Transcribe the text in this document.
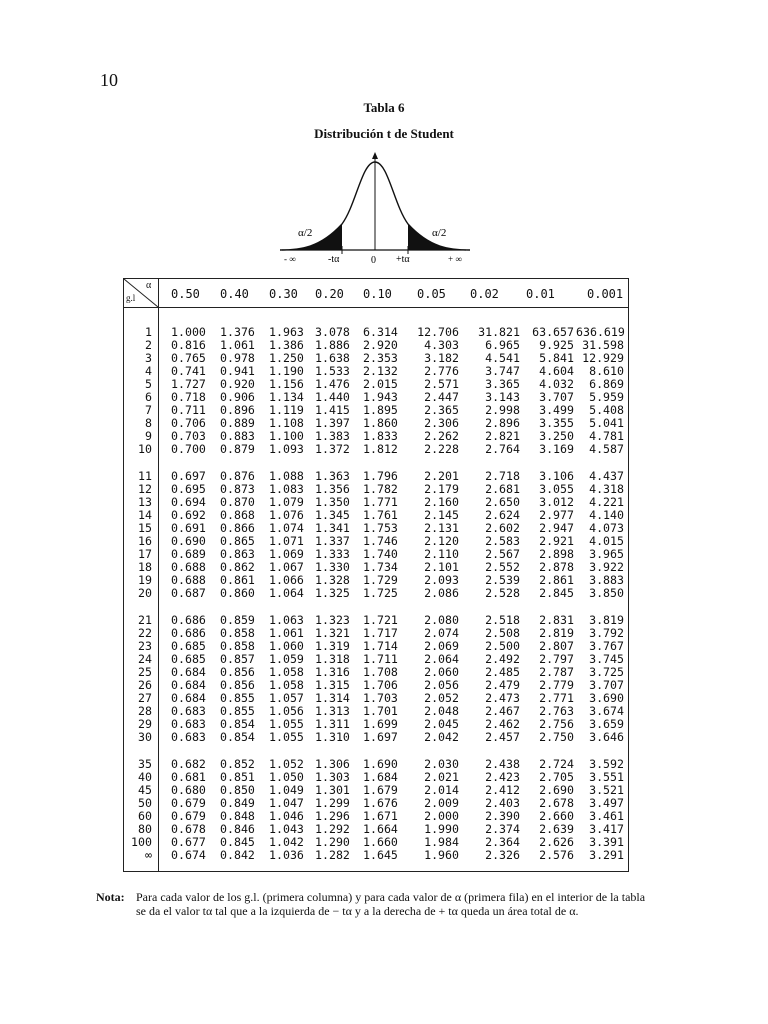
10
Tabla 6
Distribución t de Student
α/2	α/2
- ∞	-tα	0 +tα	+ ∞
α
g.l	0.50 0.40 0.30 0.20 0.10 0.05 0.02 0.01	0.001
1 1.000 1.376 1.963 3.078 6.314	12.706	31.821	63.657 636.619
2 0.816 1.061 1.386 1.886 2.920	4.303	6.965	9.925 31.598
3 0.765 0.978 1.250 1.638 2.353	3.182	4.541	5.841 12.929
4 0.741 0.941 1.190 1.533 2.132	2.776	3.747	4.604	8.610
5 1.727 0.920 1.156 1.476 2.015	2.571	3.365	4.032	6.869
6 0.718 0.906 1.134 1.440 1.943	2.447	3.143	3.707	5.959
7 0.711 0.896 1.119 1.415 1.895	2.365	2.998	3.499	5.408
8 0.706 0.889 1.108 1.397 1.860	2.306	2.896	3.355	5.041
9 0.703 0.883 1.100 1.383 1.833	2.262	2.821	3.250	4.781
10 0.700 0.879 1.093 1.372 1.812	2.228	2.764	3.169	4.587
11 0.697 0.876 1.088 1.363 1.796	2.201	2.718	3.106	4.437
12 0.695 0.873 1.083 1.356 1.782	2.179	2.681	3.055	4.318
13 0.694 0.870 1.079 1.350 1.771	2.160	2.650	3.012	4.221
14 0.692 0.868 1.076 1.345 1.761	2.145	2.624	2.977	4.140
15 0.691 0.866 1.074 1.341 1.753	2.131	2.602	2.947	4.073
16 0.690 0.865 1.071 1.337 1.746	2.120	2.583	2.921	4.015
17 0.689 0.863 1.069 1.333 1.740	2.110	2.567	2.898	3.965
18 0.688 0.862 1.067 1.330 1.734	2.101	2.552	2.878	3.922
19 0.688 0.861 1.066 1.328 1.729	2.093	2.539	2.861	3.883
20 0.687 0.860 1.064 1.325 1.725	2.086	2.528	2.845	3.850
21 0.686 0.859 1.063 1.323 1.721	2.080	2.518	2.831	3.819
22 0.686 0.858 1.061 1.321 1.717	2.074	2.508	2.819	3.792
23 0.685 0.858 1.060 1.319 1.714	2.069	2.500	2.807	3.767
24 0.685 0.857 1.059 1.318 1.711	2.064	2.492	2.797	3.745
25 0.684 0.856 1.058 1.316 1.708	2.060	2.485	2.787	3.725
26 0.684 0.856 1.058 1.315 1.706	2.056	2.479	2.779	3.707
27 0.684 0.855 1.057 1.314 1.703	2.052	2.473	2.771	3.690
28 0.683 0.855 1.056 1.313 1.701	2.048	2.467	2.763	3.674
29 0.683 0.854 1.055 1.311 1.699	2.045	2.462	2.756	3.659
30 0.683 0.854 1.055 1.310 1.697	2.042	2.457	2.750	3.646
35 0.682 0.852 1.052 1.306 1.690	2.030	2.438	2.724	3.592
40 0.681 0.851 1.050 1.303 1.684	2.021	2.423	2.705	3.551
45 0.680 0.850 1.049 1.301 1.679	2.014	2.412	2.690	3.521
50 0.679 0.849 1.047 1.299 1.676	2.009	2.403	2.678	3.497
60 0.679 0.848 1.046 1.296 1.671	2.000	2.390	2.660	3.461
80 0.678 0.846 1.043 1.292 1.664	1.990	2.374	2.639	3.417
100 0.677 0.845 1.042 1.290 1.660	1.984	2.364	2.626	3.391
∞ 0.674 0.842 1.036 1.282 1.645	1.960	2.326	2.576	3.291
Nota: Para cada valor de los g.l. (primera columna) y para cada valor de α (primera fila) en el interior de la tabla se da el valor tα tal que a la izquierda de − tα y a la derecha de + tα queda un área total de α.
